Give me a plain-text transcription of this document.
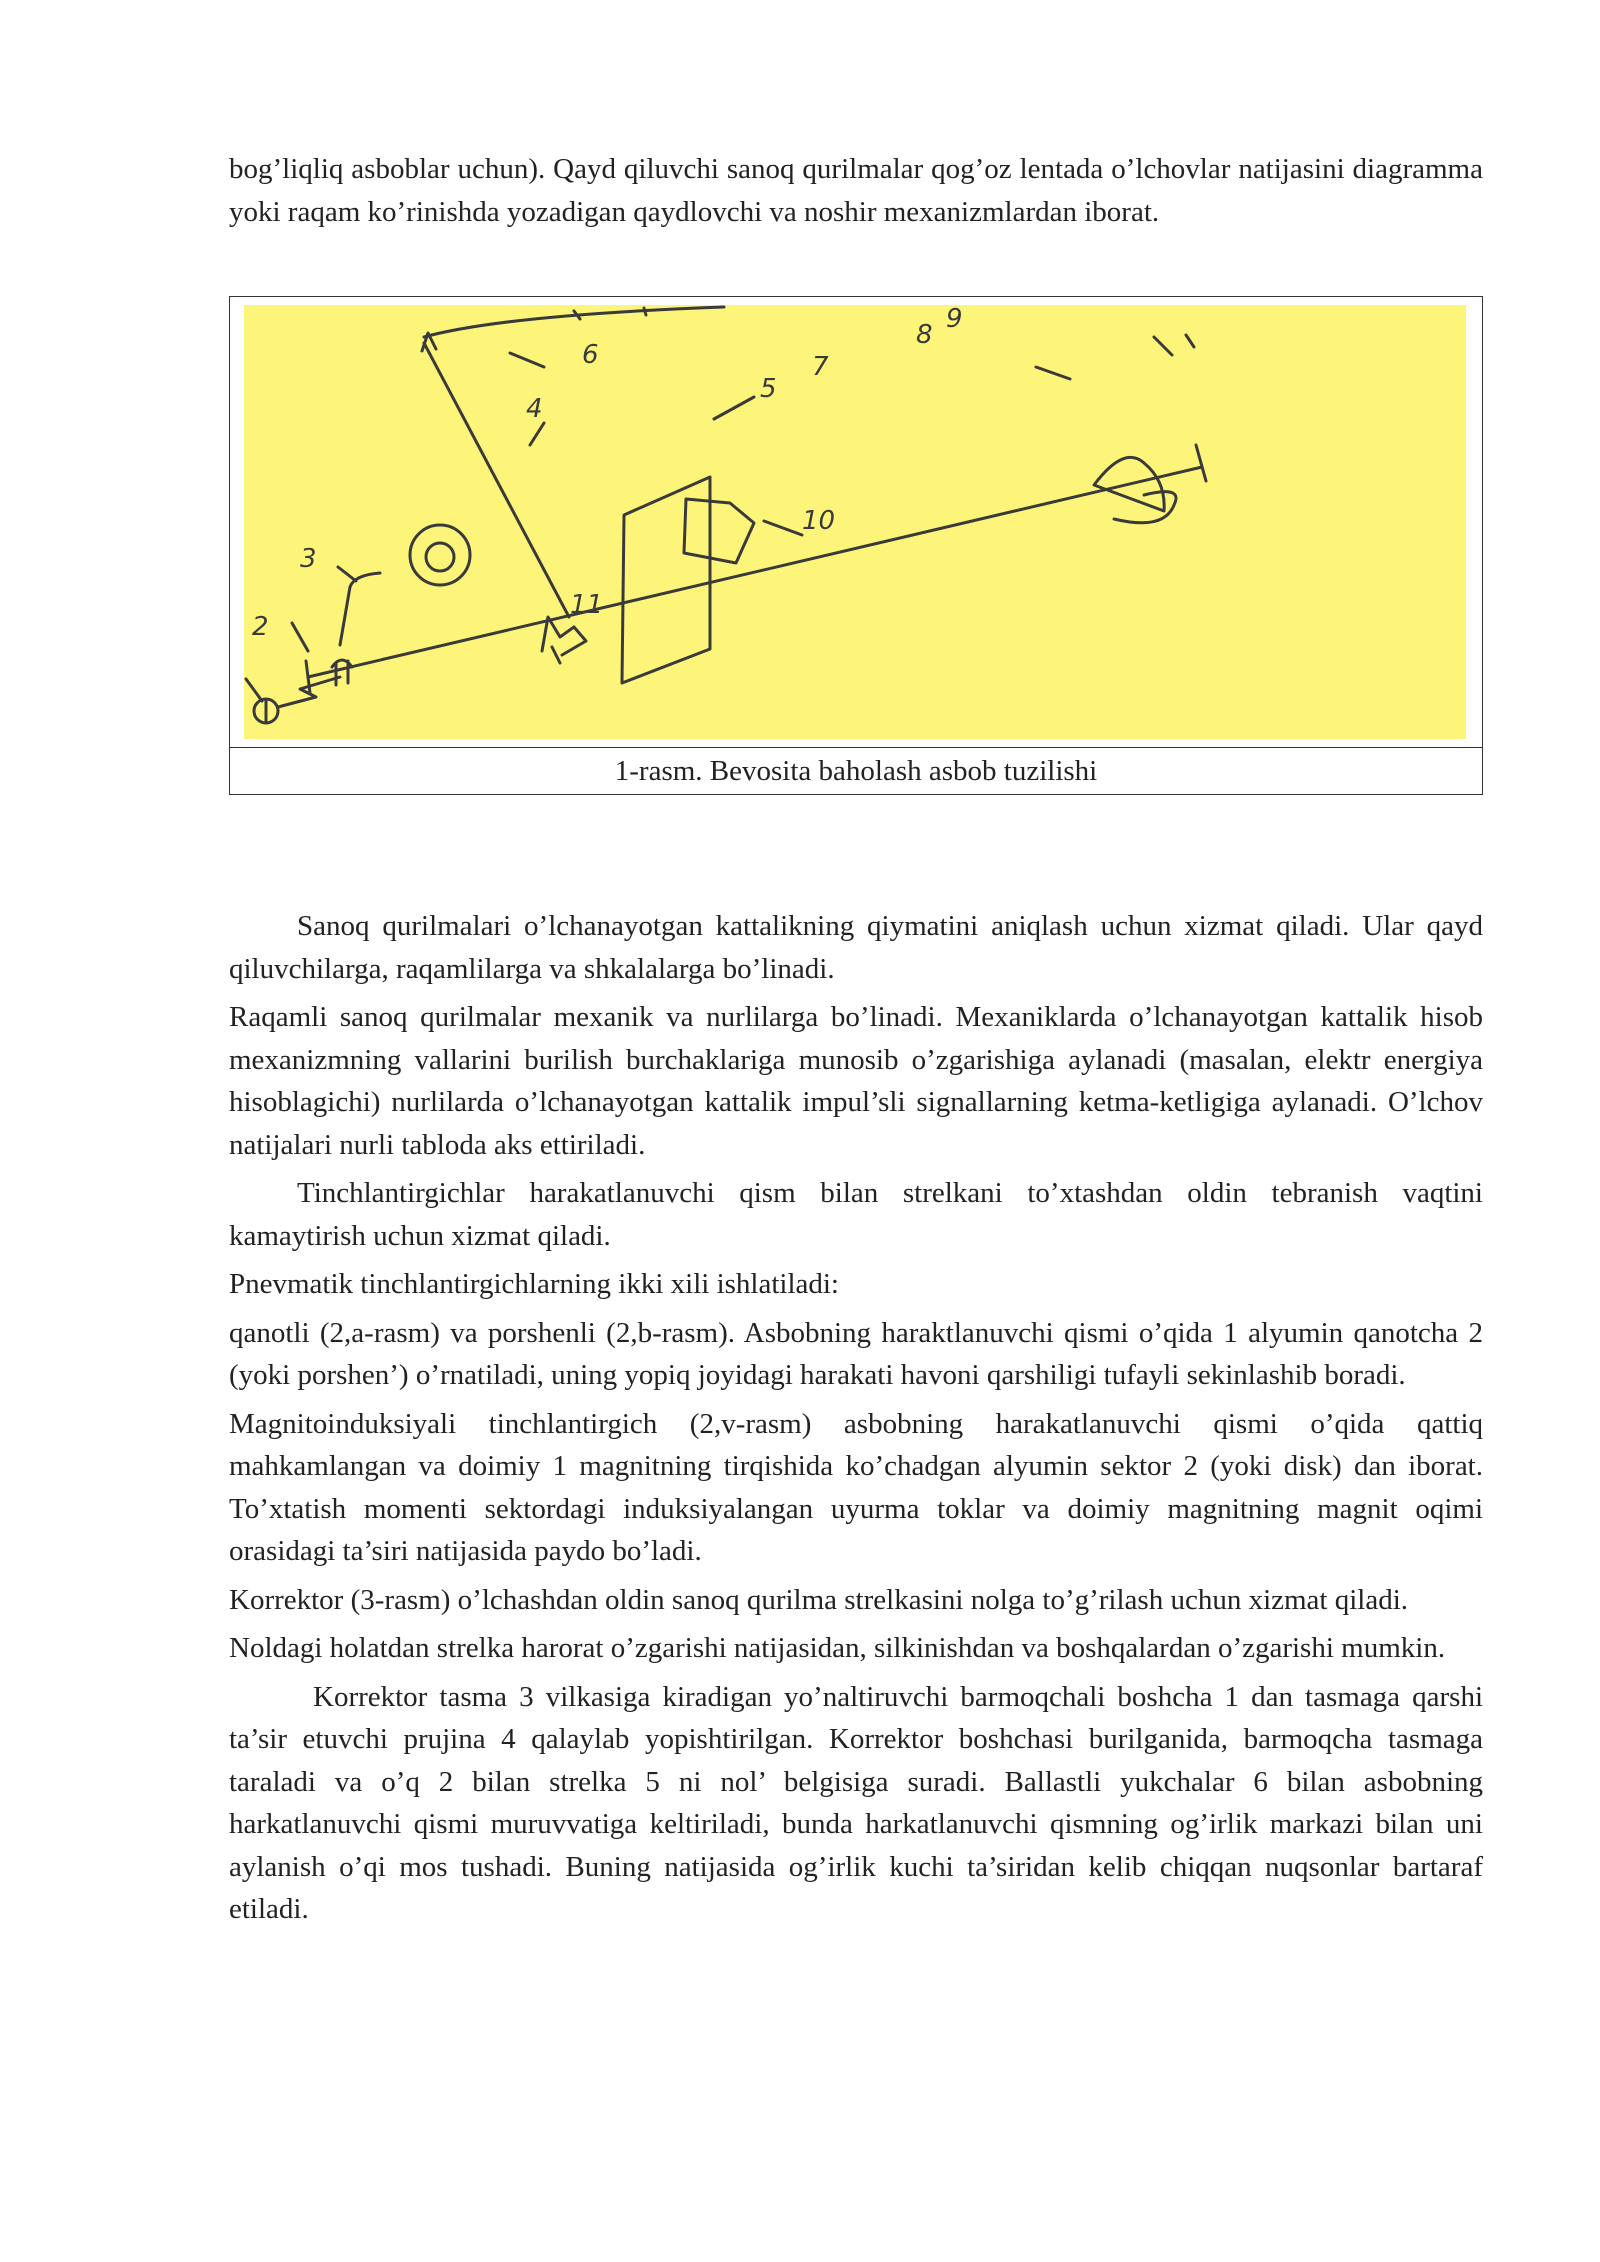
bog’liqliq asboblar uchun). Qayd qiluvchi sanoq qurilmalar qog’oz lentada o’lchovlar natijasini diagramma yoki raqam ko’rinishda yozadigan qaydlovchi va noshir mexanizmlardan iborat.

2
3
4
5
6	7
8
9
10
11
1-rasm. Bevosita baholash asbob tuzilishi

Sanoq qurilmalari o’lchanayotgan kattalikning qiymatini aniqlash uchun xizmat qiladi. Ular qayd qiluvchilarga, raqamlilarga va shkalalarga bo’linadi.

Raqamli sanoq qurilmalar mexanik va nurlilarga bo’linadi. Mexaniklarda o’lchanayotgan kattalik hisob mexanizmning vallarini burilish burchaklariga munosib o’zgarishiga aylanadi (masalan, elektr energiya hisoblagichi) nurlilarda o’lchanayotgan kattalik impul’sli signallarning ketma-ketligiga aylanadi. O’lchov natijalari nurli tabloda aks ettiriladi.

Tinchlantirgichlar harakatlanuvchi qism bilan strelkani to’xtashdan oldin tebranish vaqtini kamaytirish uchun xizmat qiladi.

Pnevmatik tinchlantirgichlarning ikki xili ishlatiladi:

qanotli (2,a-rasm) va porshenli (2,b-rasm). Asbobning haraktlanuvchi qismi o’qida 1 alyumin qanotcha 2 (yoki porshen’) o’rnatiladi, uning yopiq joyidagi harakati havoni qarshiligi tufayli sekinlashib boradi.

Magnitoinduksiyali tinchlantirgich (2,v-rasm) asbobning harakatlanuvchi qismi o’qida qattiq mahkamlangan va doimiy 1 magnitning tirqishida ko’chadgan alyumin sektor 2 (yoki disk) dan iborat. To’xtatish momenti sektordagi induksiyalangan uyurma toklar va doimiy magnitning magnit oqimi orasidagi ta’siri natijasida paydo bo’ladi.

Korrektor (3-rasm) o’lchashdan oldin sanoq qurilma strelkasini nolga to’g’rilash uchun xizmat qiladi.

Noldagi holatdan strelka harorat o’zgarishi natijasidan, silkinishdan va boshqalardan o’zgarishi mumkin.

Korrektor tasma 3 vilkasiga kiradigan yo’naltiruvchi barmoqchali boshcha 1 dan tasmaga qarshi ta’sir etuvchi prujina 4 qalaylab yopishtirilgan. Korrektor boshchasi burilganida, barmoqcha tasmaga taraladi va o’q 2 bilan strelka 5 ni nol’ belgisiga suradi. Ballastli yukchalar 6 bilan asbobning harkatlanuvchi qismi muruvvatiga keltiriladi, bunda harkatlanuvchi qismning og’irlik markazi bilan uni aylanish o’qi mos tushadi. Buning natijasida og’irlik kuchi ta’siridan kelib chiqqan nuqsonlar bartaraf etiladi.
